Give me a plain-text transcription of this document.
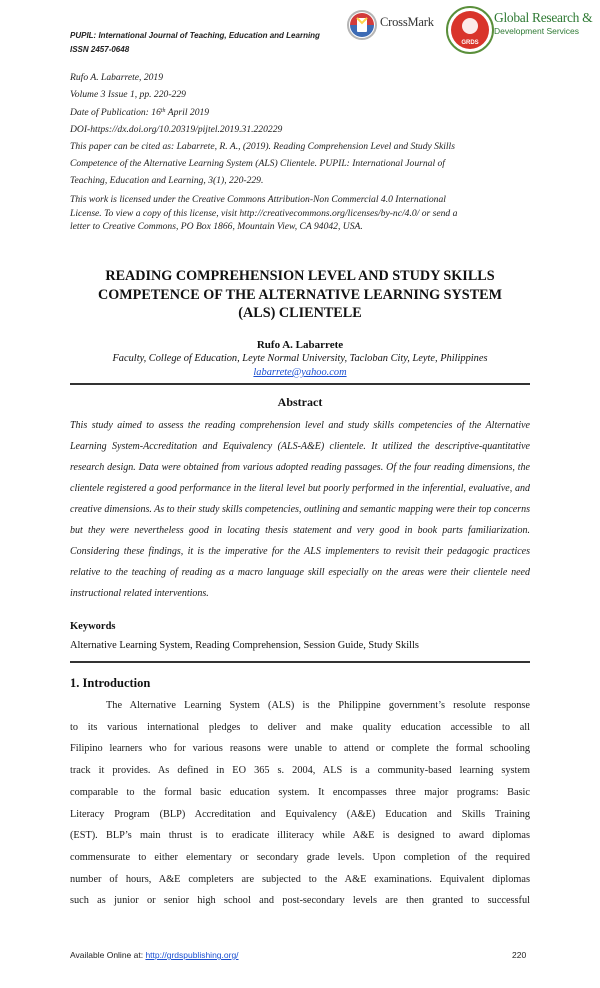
PUPIL: International Journal of Teaching, Education and Learning
ISSN 2457-0648
CrossMark
GRDS
Global Research &
Development Services
Rufo A. Labarrete, 2019
Volume 3 Issue 1, pp. 220-229
Date of Publication: 16th April 2019
DOI-https://dx.doi.org/10.20319/pijtel.2019.31.220229
This paper can be cited as: Labarrete, R. A., (2019). Reading Comprehension Level and Study Skills
Competence of the Alternative Learning System (ALS) Clientele. PUPIL: International Journal of
Teaching, Education and Learning, 3(1), 220-229.
This work is licensed under the Creative Commons Attribution-Non Commercial 4.0 International
License. To view a copy of this license, visit http://creativecommons.org/licenses/by-nc/4.0/ or send a
letter to Creative Commons, PO Box 1866, Mountain View, CA 94042, USA.
READING COMPREHENSION LEVEL AND STUDY SKILLS
COMPETENCE OF THE ALTERNATIVE LEARNING SYSTEM
(ALS) CLIENTELE
Rufo A. Labarrete
Faculty, College of Education, Leyte Normal University, Tacloban City, Leyte, Philippines
labarrete@yahoo.com
Abstract
This study aimed to assess the reading comprehension level and study skills competencies of the Alternative Learning System-Accreditation and Equivalency (ALS-A&E) clientele. It utilized the descriptive-quantitative research design. Data were obtained from various adopted reading passages. Of the four reading dimensions, the clientele registered a good performance in the literal level but poorly performed in the inferential, evaluative, and creative dimensions. As to their study skills competencies, outlining and semantic mapping were their top concerns but they were nevertheless good in locating thesis statement and very good in book parts familiarization. Considering these findings, it is the imperative for the ALS implementers to revisit their pedagogic practices relative to the teaching of reading as a macro language skill especially on the areas were their clientele need instructional related interventions.
Keywords
Alternative Learning System, Reading Comprehension, Session Guide, Study Skills
1. Introduction
The Alternative Learning System (ALS) is the Philippine government’s resolute response
to its various international pledges to deliver and make quality education accessible to all
Filipino learners who for various reasons were unable to attend or complete the formal schooling
track it provides. As defined in EO 365 s. 2004, ALS is a community-based learning system
comparable to the formal basic education system. It encompasses three major programs: Basic
Literacy Program (BLP) Accreditation and Equivalency (A&E) Education and Skills Training
(EST). BLP’s main thrust is to eradicate illiteracy while A&E is designed to award diplomas
commensurate to either elementary or secondary grade levels. Upon completion of the required
number of hours, A&E completers are subjected to the A&E examinations. Equivalent diplomas
such as junior or senior high school and post-secondary levels are then granted to successful
Available Online at: http://grdspublishing.org/	220
